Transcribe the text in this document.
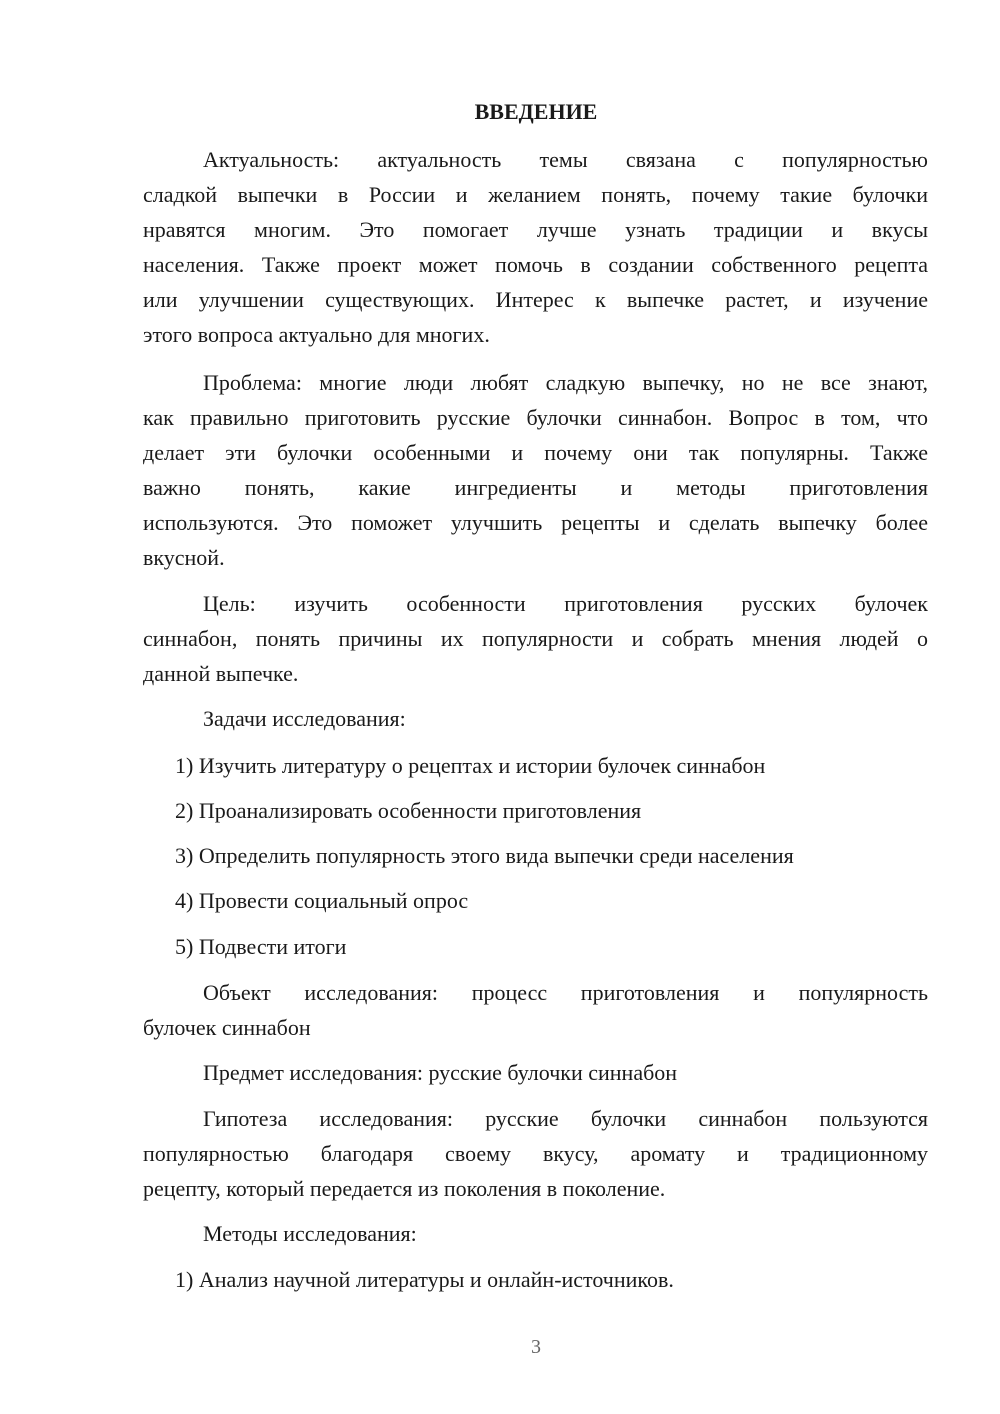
ВВЕДЕНИЕ
Актуальность: актуальность темы связана с популярностью
сладкой выпечки в России и желанием понять, почему такие булочки
нравятся многим. Это помогает лучше узнать традиции и вкусы
населения. Также проект может помочь в создании собственного рецепта
или улучшении существующих. Интерес к выпечке растет, и изучение
этого вопроса актуально для многих.
Проблема: многие люди любят сладкую выпечку, но не все знают,
как правильно приготовить русские булочки синнабон. Вопрос в том, что
делает эти булочки особенными и почему они так популярны. Также
важно понять, какие ингредиенты и методы приготовления
используются. Это поможет улучшить рецепты и сделать выпечку более
вкусной.
Цель: изучить особенности приготовления русских булочек
синнабон, понять причины их популярности и собрать мнения людей о
данной выпечке.
Задачи исследования:
1) Изучить литературу о рецептах и истории булочек синнабон
2) Проанализировать особенности приготовления
3) Определить популярность этого вида выпечки среди населения
4) Провести социальный опрос
5) Подвести итоги
Объект исследования: процесс приготовления и популярность
булочек синнабон
Предмет исследования: русские булочки синнабон
Гипотеза исследования: русские булочки синнабон пользуются
популярностью благодаря своему вкусу, аромату и традиционному
рецепту, который передается из поколения в поколение.
Методы исследования:
1) Анализ научной литературы и онлайн-источников.
3
